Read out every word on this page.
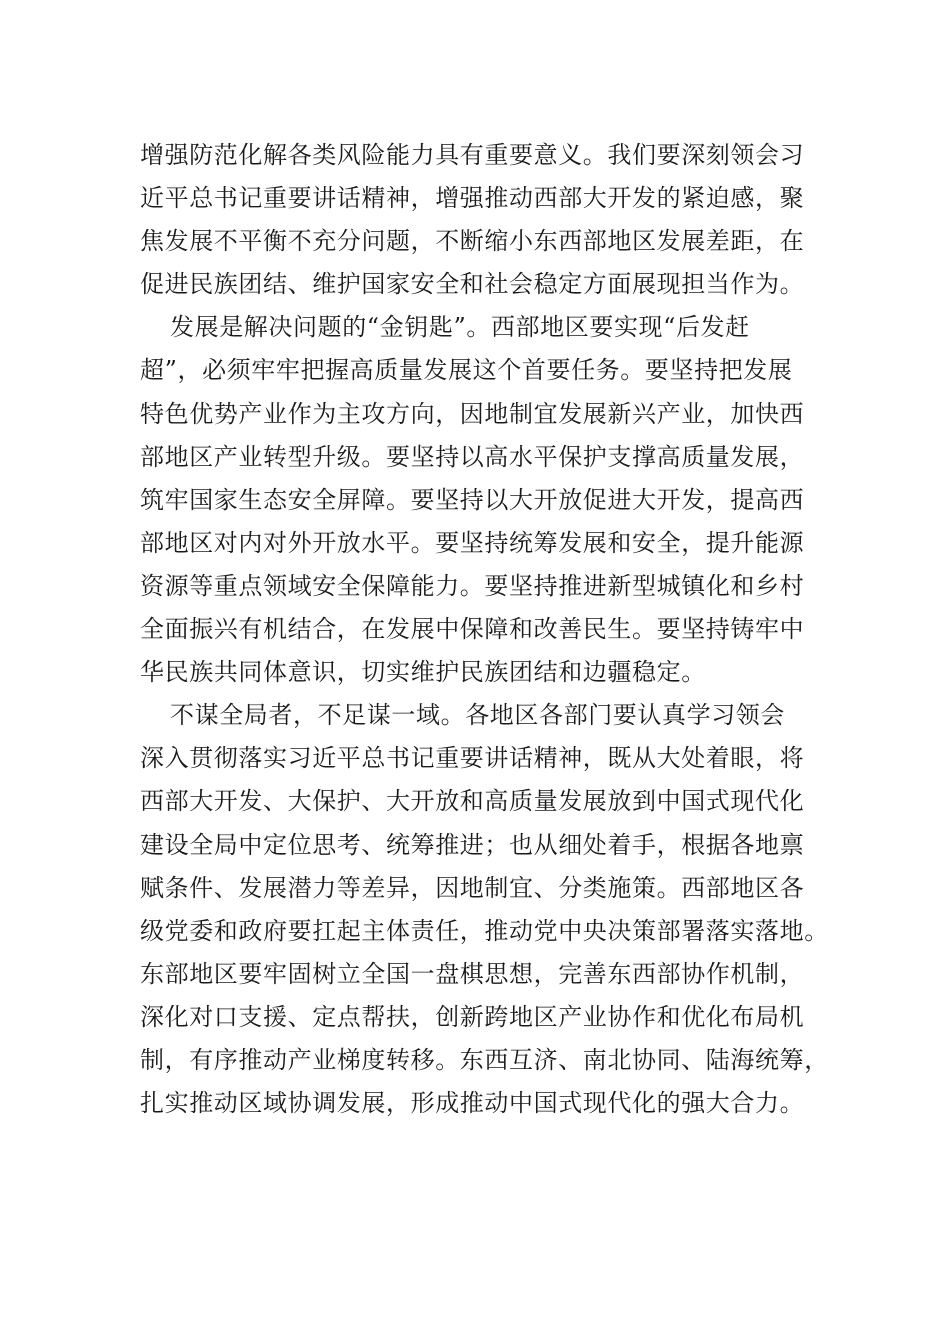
增强防范化解各类风险能力具有重要意义。我们要深刻领会习
近平总书记重要讲话精神，增强推动西部大开发的紧迫感，聚
焦发展不平衡不充分问题，不断缩小东西部地区发展差距，在
促进民族团结、维护国家安全和社会稳定方面展现担当作为。
发展是解决问题的“金钥匙”。西部地区要实现“后发赶
超”，必须牢牢把握高质量发展这个首要任务。要坚持把发展
特色优势产业作为主攻方向，因地制宜发展新兴产业，加快西
部地区产业转型升级。要坚持以高水平保护支撑高质量发展，
筑牢国家生态安全屏障。要坚持以大开放促进大开发，提高西
部地区对内对外开放水平。要坚持统筹发展和安全，提升能源
资源等重点领域安全保障能力。要坚持推进新型城镇化和乡村
全面振兴有机结合，在发展中保障和改善民生。要坚持铸牢中
华民族共同体意识，切实维护民族团结和边疆稳定。
不谋全局者，不足谋一域。各地区各部门要认真学习领会
深入贯彻落实习近平总书记重要讲话精神，既从大处着眼，将
西部大开发、大保护、大开放和高质量发展放到中国式现代化
建设全局中定位思考、统筹推进；也从细处着手，根据各地禀
赋条件、发展潜力等差异，因地制宜、分类施策。西部地区各
级党委和政府要扛起主体责任，推动党中央决策部署落实落地。
东部地区要牢固树立全国一盘棋思想，完善东西部协作机制，
深化对口支援、定点帮扶，创新跨地区产业协作和优化布局机
制，有序推动产业梯度转移。东西互济、南北协同、陆海统筹，
扎实推动区域协调发展，形成推动中国式现代化的强大合力。
